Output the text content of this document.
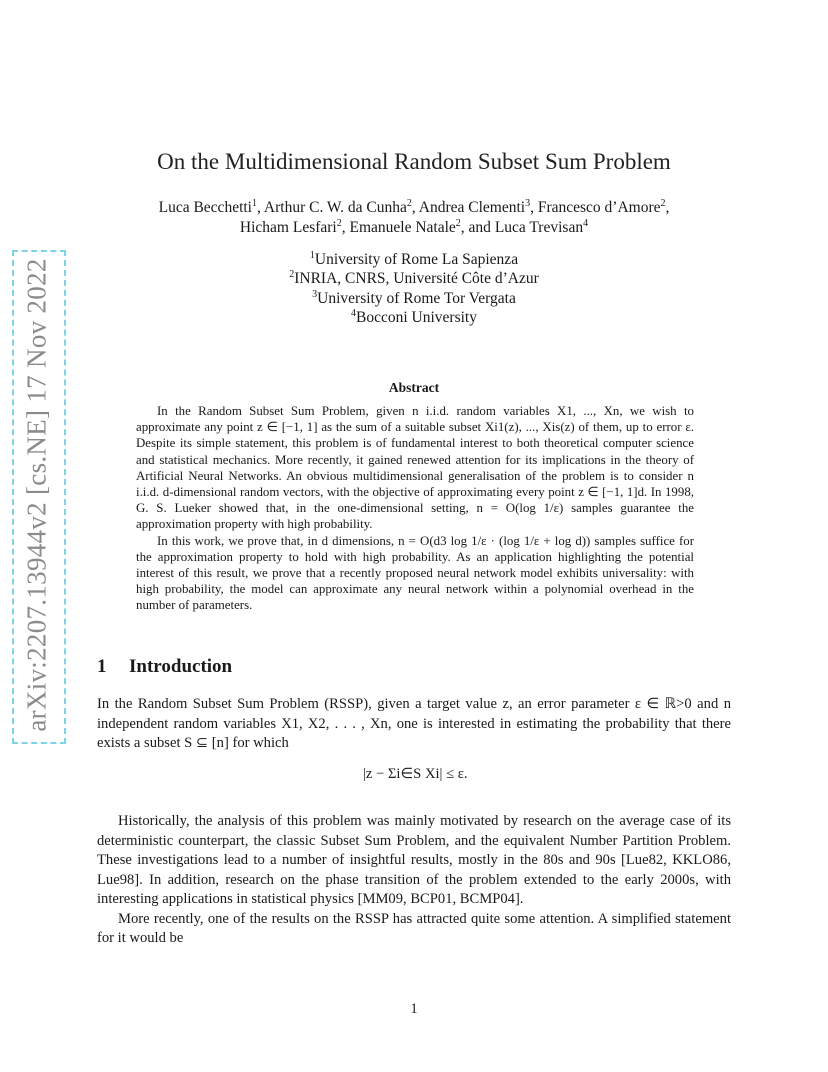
arXiv:2207.13944v2 [cs.NE] 17 Nov 2022
On the Multidimensional Random Subset Sum Problem
Luca Becchetti$^1$, Arthur C. W. da Cunha$^2$, Andrea Clementi$^3$, Francesco d’Amore$^2$,
Hicham Lesfari$^2$, Emanuele Natale$^2$, and Luca Trevisan$^4$
$^1$University of Rome La Sapienza
$^2$INRIA, CNRS, Université Côte d’Azur
$^3$University of Rome Tor Vergata
$^4$Bocconi University
Abstract

In the Random Subset Sum Problem, given n i.i.d. random variables X1, ..., Xn, we wish to approximate any point z ∈ [−1, 1] as the sum of a suitable subset Xi1(z), ..., Xis(z) of them, up to error ε. Despite its simple statement, this problem is of fundamental interest to both theoretical computer science and statistical mechanics. More recently, it gained renewed attention for its implications in the theory of Artificial Neural Networks. An obvious multidimensional generalisation of the problem is to consider n i.i.d. d-dimensional random vectors, with the objective of approximating every point z ∈ [−1, 1]d. In 1998, G. S. Lueker showed that, in the one-dimensional setting, n = O(log 1/ε) samples guarantee the approximation property with high probability.

In this work, we prove that, in d dimensions, n = O(d3 log 1/ε · (log 1/ε + log d)) samples suffice for the approximation property to hold with high probability. As an application highlighting the potential interest of this result, we prove that a recently proposed neural network model exhibits universality: with high probability, the model can approximate any neural network within a polynomial overhead in the number of parameters.

1 Introduction
In the Random Subset Sum Problem (RSSP), given a target value z, an error parameter ε ∈ ℝ>0 and n independent random variables X1, X2, . . . , Xn, one is interested in estimating the probability that there exists a subset S ⊆ [n] for which
|z − Σi∈S Xi| ≤ ε.

Historically, the analysis of this problem was mainly motivated by research on the average case of its deterministic counterpart, the classic Subset Sum Problem, and the equivalent Number Partition Problem. These investigations lead to a number of insightful results, mostly in the 80s and 90s [Lue82, KKLO86, Lue98]. In addition, research on the phase transition of the problem extended to the early 2000s, with interesting applications in statistical physics [MM09, BCP01, BCMP04].

More recently, one of the results on the RSSP has attracted quite some attention. A simplified statement for it would be

1
